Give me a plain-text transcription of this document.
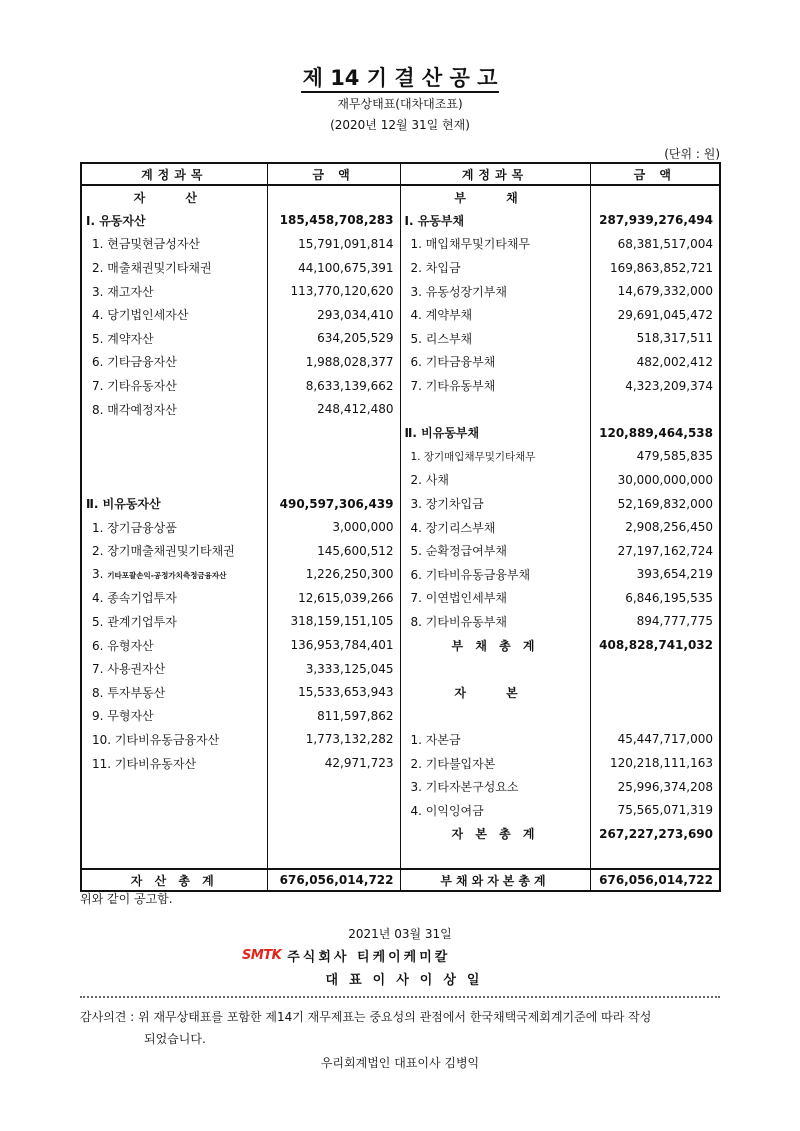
제 14 기 결 산 공 고
재무상태표(대차대조표)
(2020년 12월 31일 현재)
(단위 : 원)
계정과목	금 액	계정과목	금 액
자 산		부 채	
Ⅰ. 유동자산	185,458,708,283	Ⅰ. 유동부채	287,939,276,494
1. 현금및현금성자산	15,791,091,814	1. 매입채무및기타채무	68,381,517,004
2. 매출채권및기타채권	44,100,675,391	2. 차입금	169,863,852,721
3. 재고자산	113,770,120,620	3. 유동성장기부채	14,679,332,000
4. 당기법인세자산	293,034,410	4. 계약부채	29,691,045,472
5. 계약자산	634,205,529	5. 리스부채	518,317,511
6. 기타금융자산	1,988,028,377	6. 기타금융부채	482,002,412
7. 기타유동자산	8,633,139,662	7. 기타유동부채	4,323,209,374
8. 매각예정자산	248,412,480		
		Ⅱ. 비유동부채	120,889,464,538
		1. 장기매입채무및기타채무	479,585,835
		2. 사채	30,000,000,000
Ⅱ. 비유동자산	490,597,306,439	3. 장기차입금	52,169,832,000
1. 장기금융상품	3,000,000	4. 장기리스부채	2,908,256,450
2. 장기매출채권및기타채권	145,600,512	5. 순확정급여부채	27,197,162,724
3. 기타포괄손익-공정가치측정금융자산	1,226,250,300	6. 기타비유동금융부채	393,654,219
4. 종속기업투자	12,615,039,266	7. 이연법인세부채	6,846,195,535
5. 관계기업투자	318,159,151,105	8. 기타비유동부채	894,777,775
6. 유형자산	136,953,784,401	부 채 총 계	408,828,741,032
7. 사용권자산	3,333,125,045		
8. 투자부동산	15,533,653,943	자 본	
9. 무형자산	811,597,862		
10. 기타비유동금융자산	1,773,132,282	1. 자본금	45,447,717,000
11. 기타비유동자산	42,971,723	2. 기타불입자본	120,218,111,163
		3. 기타자본구성요소	25,996,374,208
		4. 이익잉여금	75,565,071,319
		자 본 총 계	267,227,273,690

자 산 총 계	676,056,014,722	부채와자본총계	676,056,014,722
위와 같이 공고함.
2021년 03월 31일
SMTK 주식회사 티케이케미칼
대표이사이상일
감사의견 : 위 재무상태표를 포함한 제14기 재무제표는 중요성의 관점에서 한국채택국제회계기준에 따라 작성
되었습니다.
우리회계법인 대표이사 김병익
